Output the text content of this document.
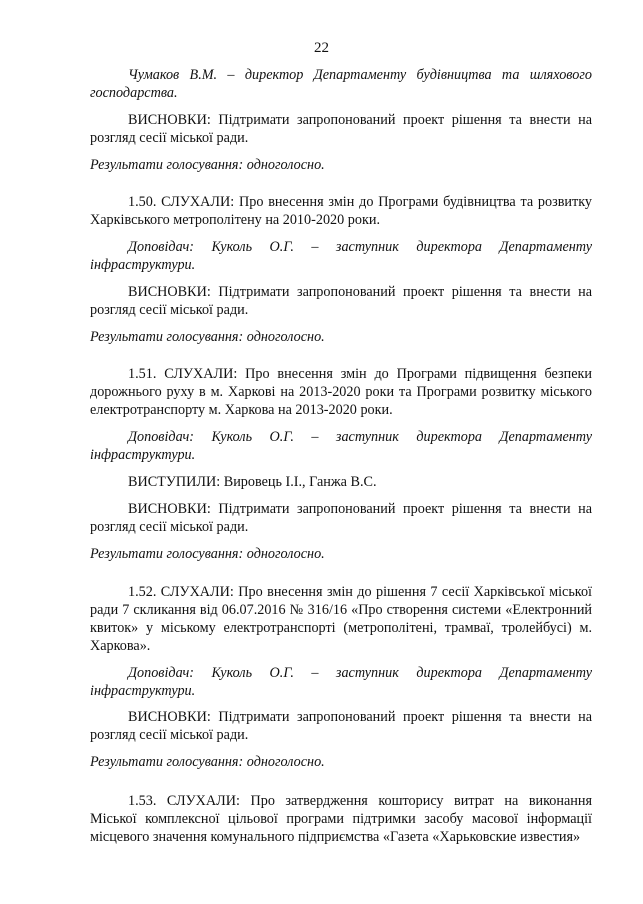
22

Чумаков В.М. – директор Департаменту будівництва та шляхового господарства.

ВИСНОВКИ: Підтримати запропонований проект рішення та внести на розгляд сесії міської ради.

Результати голосування: одноголосно.

1.50. СЛУХАЛИ: Про внесення змін до Програми будівництва та розвитку Харківського метрополітену на 2010-2020 роки.

Доповідач: Куколь О.Г. – заступник директора Департаменту інфраструктури.

ВИСНОВКИ: Підтримати запропонований проект рішення та внести на розгляд сесії міської ради.

Результати голосування: одноголосно.

1.51. СЛУХАЛИ: Про внесення змін до Програми підвищення безпеки дорожнього руху в м. Харкові на 2013-2020 роки та Програми розвитку міського електротранспорту м. Харкова на 2013-2020 роки.

Доповідач: Куколь О.Г. – заступник директора Департаменту інфраструктури.

ВИСТУПИЛИ: Вировець І.І., Ганжа В.С.

ВИСНОВКИ: Підтримати запропонований проект рішення та внести на розгляд сесії міської ради.

Результати голосування: одноголосно.

1.52. СЛУХАЛИ: Про внесення змін до рішення 7 сесії Харківської міської ради 7 скликання від 06.07.2016 № 316/16 «Про створення системи «Електронний квиток» у міському електротранспорті (метрополітені, трамваї, тролейбусі) м. Харкова».

Доповідач: Куколь О.Г. – заступник директора Департаменту інфраструктури.

ВИСНОВКИ: Підтримати запропонований проект рішення та внести на розгляд сесії міської ради.

Результати голосування: одноголосно.

1.53. СЛУХАЛИ: Про затвердження кошторису витрат на виконання Міської комплексної цільової програми підтримки засобу масової інформації місцевого значення комунального підприємства «Газета «Харьковские известия»
